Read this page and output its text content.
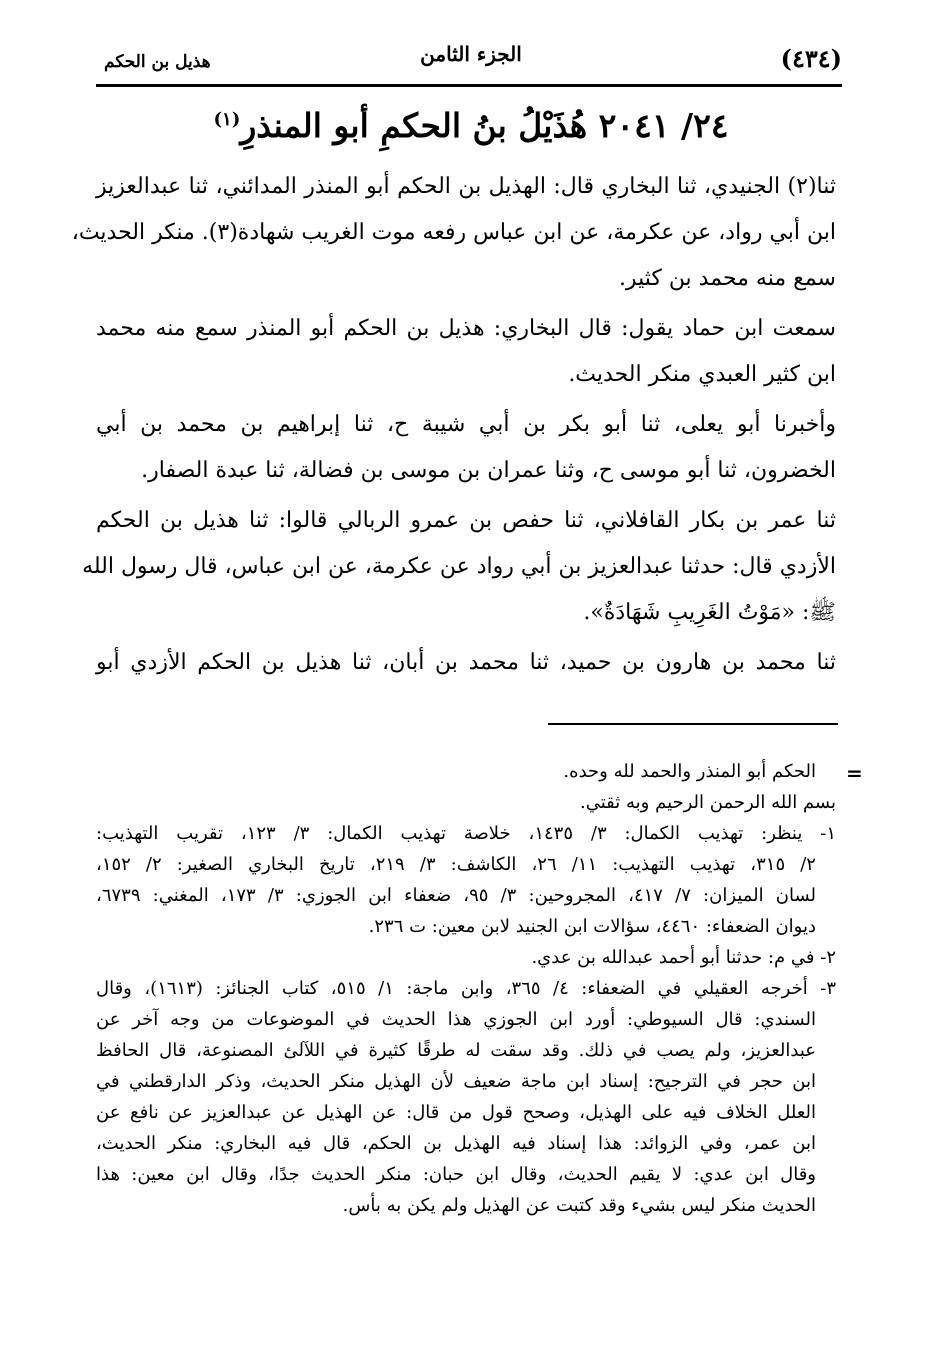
(٤٣٤)
الجزء الثامن
هذيل بن الحكم
٢٤/ ٢٠٤١ هُذَيْلُ بنُ الحكمِ أبو المنذرِ$^{(١)}$
ثنا(٢) الجنيدي، ثنا البخاري قال: الهذيل بن الحكم أبو المنذر المدائني، ثنا عبدالعزيز
ابن أبي رواد، عن عكرمة، عن ابن عباس رفعه موت الغريب شهادة(٣). منكر الحديث،
سمع منه محمد بن كثير.
سمعت ابن حماد يقول: قال البخاري: هذيل بن الحكم أبو المنذر سمع منه محمد
ابن كثير العبدي منكر الحديث.
وأخبرنا أبو يعلى، ثنا أبو بكر بن أبي شيبة ح، ثنا إبراهيم بن محمد بن أبي
الخضرون، ثنا أبو موسى ح، وثنا عمران بن موسى بن فضالة، ثنا عبدة الصفار.
ثنا عمر بن بكار القافلاني، ثنا حفص بن عمرو الربالي قالوا: ثنا هذيل بن الحكم
الأزدي قال: حدثنا عبدالعزيز بن أبي رواد عن عكرمة، عن ابن عباس، قال رسول الله
ﷺ: «مَوْتُ الغَرِيبِ شَهَادَةٌ».
ثنا محمد بن هارون بن حميد، ثنا محمد بن أبان، ثنا هذيل بن الحكم الأزدي أبو
=
الحكم أبو المنذر والحمد لله وحده.
بسم الله الرحمن الرحيم وبه ثقتي.
١- ينظر: تهذيب الكمال: ٣/ ١٤٣٥، خلاصة تهذيب الكمال: ٣/ ١٢٣، تقريب التهذيب:
٢/ ٣١٥، تهذيب التهذيب: ١١/ ٢٦، الكاشف: ٣/ ٢١٩، تاريخ البخاري الصغير: ٢/ ١٥٢،
لسان الميزان: ٧/ ٤١٧، المجروحين: ٣/ ٩٥، ضعفاء ابن الجوزي: ٣/ ١٧٣، المغني: ٦٧٣٩،
ديوان الضعفاء: ٤٤٦٠، سؤالات ابن الجنيد لابن معين: ت ٢٣٦.
٢- في م: حدثنا أبو أحمد عبدالله بن عدي.
٣- أخرجه العقيلي في الضعفاء: ٤/ ٣٦٥، وابن ماجة: ١/ ٥١٥، كتاب الجنائز: (١٦١٣)، وقال
السندي: قال السيوطي: أورد ابن الجوزي هذا الحديث في الموضوعات من وجه آخر عن
عبدالعزيز، ولم يصب في ذلك. وقد سقت له طرقًا كثيرة في اللآلئ المصنوعة، قال الحافظ
ابن حجر في الترجيح: إسناد ابن ماجة ضعيف لأن الهذيل منكر الحديث، وذكر الدارقطني في
العلل الخلاف فيه على الهذيل، وصحح قول من قال: عن الهذيل عن عبدالعزيز عن نافع عن
ابن عمر، وفي الزوائد: هذا إسناد فيه الهذيل بن الحكم، قال فيه البخاري: منكر الحديث،
وقال ابن عدي: لا يقيم الحديث، وقال ابن حبان: منكر الحديث جدًا، وقال ابن معين: هذا
الحديث منكر ليس بشيء وقد كتبت عن الهذيل ولم يكن به بأس.
